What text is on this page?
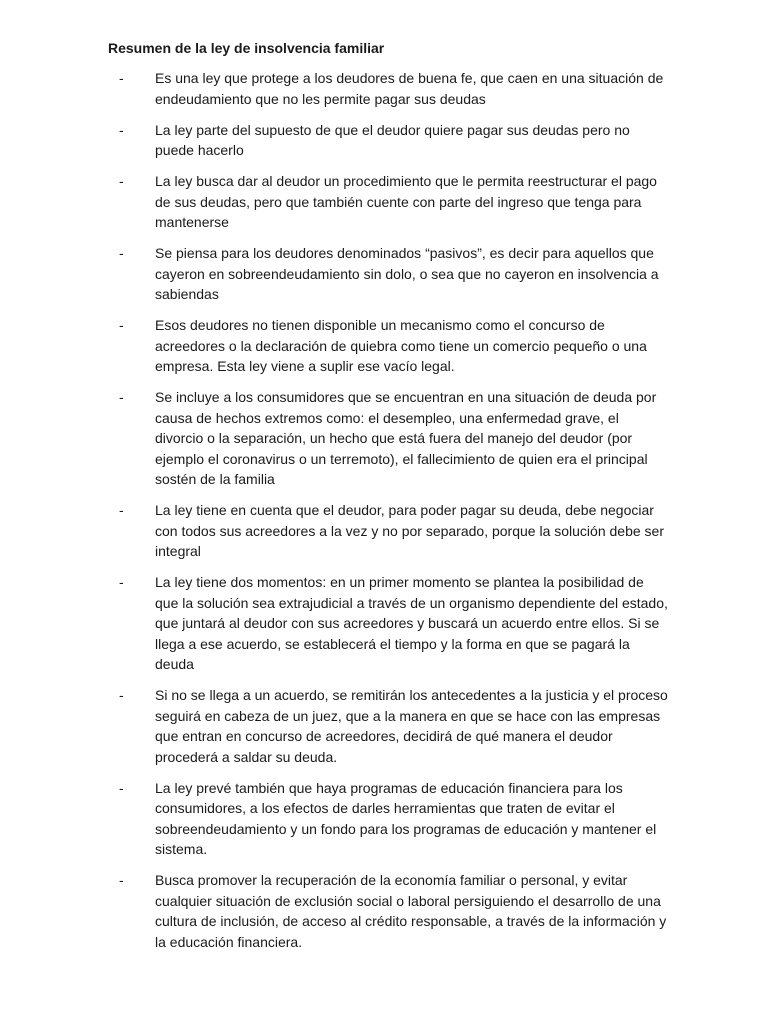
Resumen de la ley de insolvencia familiar
- Es una ley que protege a los deudores de buena fe, que caen en una situación de endeudamiento que no les permite pagar sus deudas
- La ley parte del supuesto de que el deudor quiere pagar sus deudas pero no puede hacerlo
- La ley busca dar al deudor un procedimiento que le permita reestructurar el pago de sus deudas, pero que también cuente con parte del ingreso que tenga para mantenerse
- Se piensa para los deudores denominados “pasivos”, es decir para aquellos que cayeron en sobreendeudamiento sin dolo, o sea que no cayeron en insolvencia a sabiendas
- Esos deudores no tienen disponible un mecanismo como el concurso de acreedores o la declaración de quiebra como tiene un comercio pequeño o una empresa. Esta ley viene a suplir ese vacío legal.
- Se incluye a los consumidores que se encuentran en una situación de deuda por causa de hechos extremos como: el desempleo, una enfermedad grave, el divorcio o la separación, un hecho que está fuera del manejo del deudor (por ejemplo el coronavirus o un terremoto), el fallecimiento de quien era el principal sostén de la familia
- La ley tiene en cuenta que el deudor, para poder pagar su deuda, debe negociar con todos sus acreedores a la vez y no por separado, porque la solución debe ser integral
- La ley tiene dos momentos: en un primer momento se plantea la posibilidad de que la solución sea extrajudicial a través de un organismo dependiente del estado, que juntará al deudor con sus acreedores y buscará un acuerdo entre ellos. Si se llega a ese acuerdo, se establecerá el tiempo y la forma en que se pagará la deuda
- Si no se llega a un acuerdo, se remitirán los antecedentes a la justicia y el proceso seguirá en cabeza de un juez, que a la manera en que se hace con las empresas que entran en concurso de acreedores, decidirá de qué manera el deudor procederá a saldar su deuda.
- La ley prevé también que haya programas de educación financiera para los consumidores, a los efectos de darles herramientas que traten de evitar el sobreendeudamiento y un fondo para los programas de educación y mantener el sistema.
- Busca promover la recuperación de la economía familiar o personal, y evitar cualquier situación de exclusión social o laboral persiguiendo el desarrollo de una cultura de inclusión, de acceso al crédito responsable, a través de la información y la educación financiera.
